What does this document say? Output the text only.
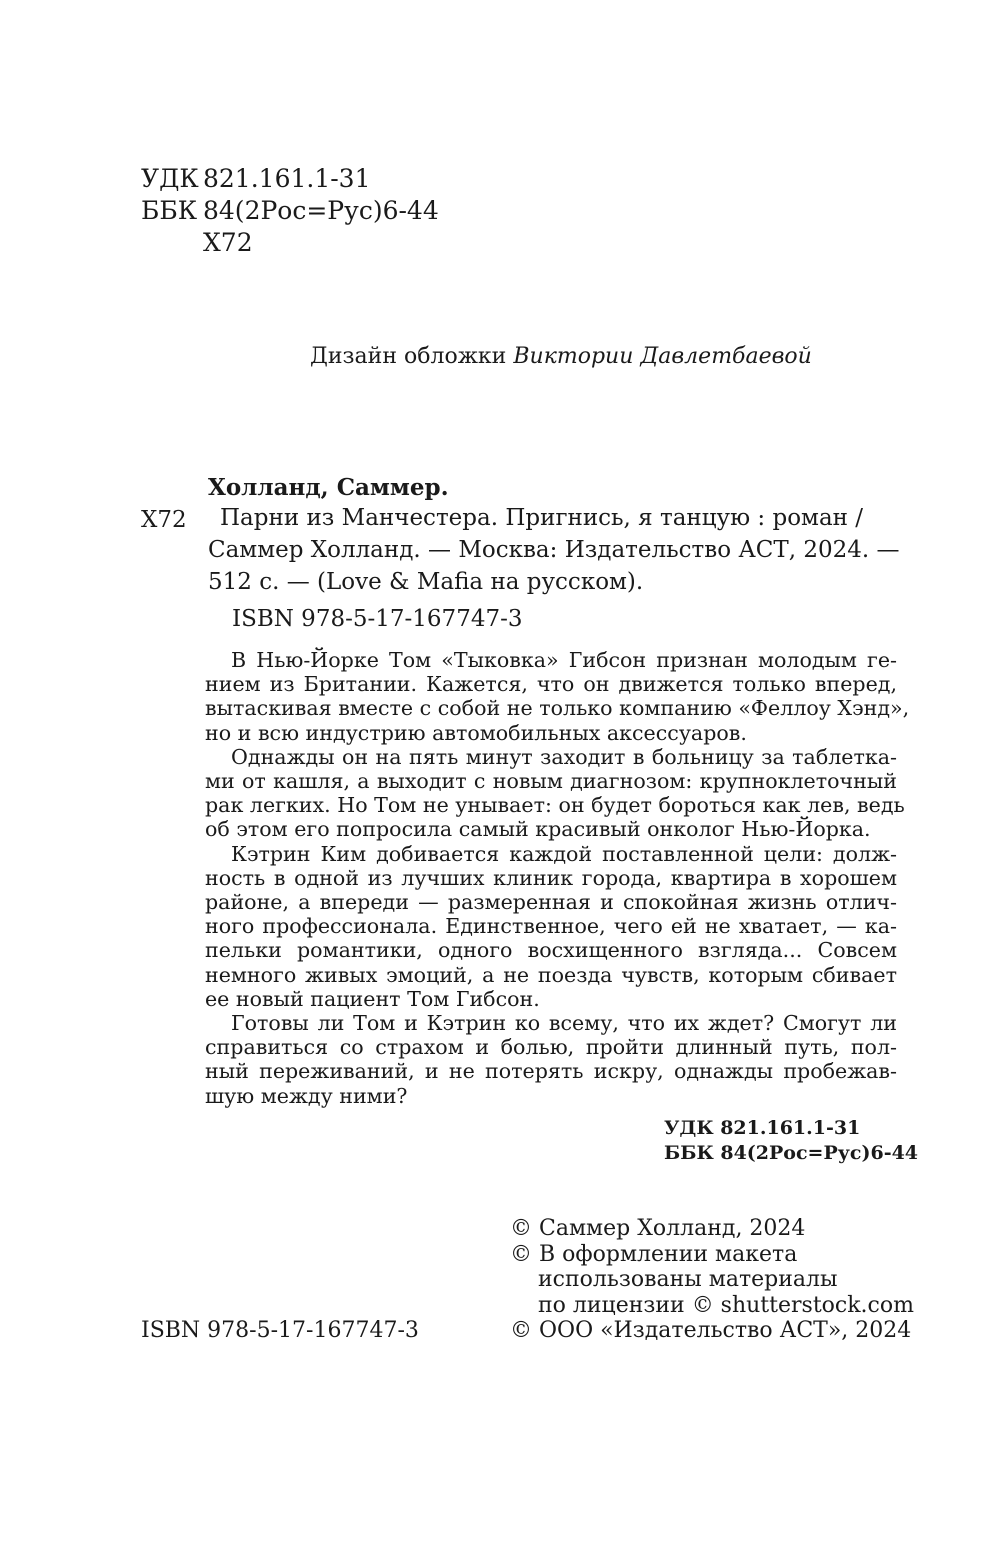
УДК 821.161.1-31
ББК 84(2Рос=Рус)6-44
Х72
Дизайн обложки Виктории Давлетбаевой
Холланд, Саммер.
Х72	Парни из Манчестера. Пригнись, я танцую : роман /
Саммер Холланд. — Москва: Издательство АСТ, 2024. —
512 с. — (Love & Mafia на русском).
ISBN 978-5-17-167747-3
В Нью-Йорке Том «Тыковка» Гибсон признан молодым ге-
нием из Британии. Кажется, что он движется только вперед,
вытаскивая вместе с собой не только компанию «Феллоу Хэнд»,
но и всю индустрию автомобильных аксессуаров.
Однажды он на пять минут заходит в больницу за таблетка-
ми от кашля, а выходит с новым диагнозом: крупноклеточный
рак легких. Но Том не унывает: он будет бороться как лев, ведь
об этом его попросила самый красивый онколог Нью-Йорка.
Кэтрин Ким добивается каждой поставленной цели: долж-
ность в одной из лучших клиник города, квартира в хорошем
районе, а впереди — размеренная и спокойная жизнь отлич-
ного профессионала. Единственное, чего ей не хватает, — ка-
пельки романтики, одного восхищенного взгляда... Совсем
немного живых эмоций, а не поезда чувств, которым сбивает
ее новый пациент Том Гибсон.
Готовы ли Том и Кэтрин ко всему, что их ждет? Смогут ли
справиться со страхом и болью, пройти длинный путь, пол-
ный переживаний, и не потерять искру, однажды пробежав-
шую между ними?
УДК 821.161.1-31
ББК 84(2Рос=Рус)6-44
© Саммер Холланд, 2024
© В оформлении макета
использованы материалы
по лицензии © shutterstock.com
© ООО «Издательство АСТ», 2024
ISBN 978-5-17-167747-3
